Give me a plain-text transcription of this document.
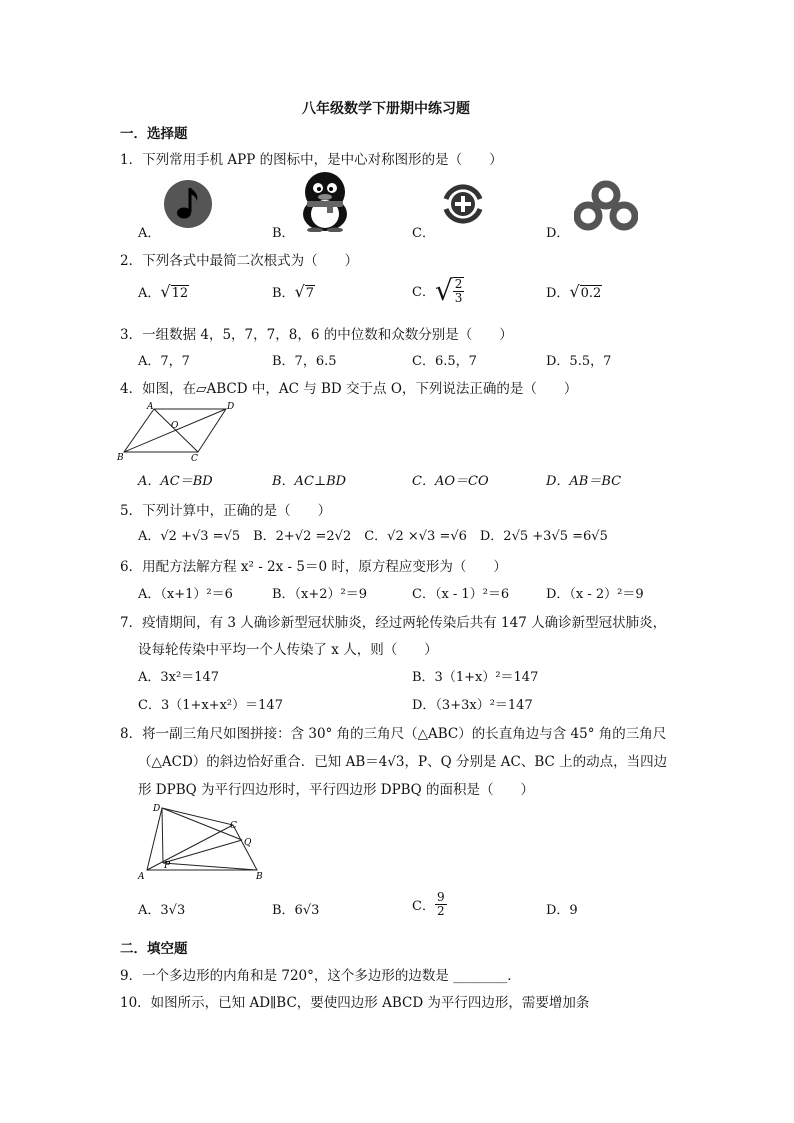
八年级数学下册期中练习题
一．选择题
1．下列常用手机 APP 的图标中，是中心对称图形的是（　　）
A．	B．	C．	D．
2．下列各式中最简二次根式为（　　）
A．√12	B．√7	C．√ $\frac{2}{3}$	D．√0.2
3．一组数据 4，5，7，7，8，6 的中位数和众数分别是（　　）
A．7，7	B．7，6.5	C．6.5，7	D．5.5，7
4．如图，在▱ABCD 中，AC 与 BD 交于点 O，下列说法正确的是（　　）
A	D
B	C
O
A．AC＝BD	B．AC⊥BD	C．AO＝CO	D．AB＝BC
5．下列计算中，正确的是（　　）
A．√2 +√3 =√5　B．2+√2 =2√2　C．√2 ×√3 =√6　D．2√5 +3√5 =6√5
6．用配方法解方程 x² - 2x - 5＝0 时，原方程应变形为（　　）
A．（x+1）²＝6	B．（x+2）²＝9	C．（x - 1）²＝6	D．（x - 2）²＝9
7．疫情期间，有 3 人确诊新型冠状肺炎，经过两轮传染后共有 147 人确诊新型冠状肺炎，
设每轮传染中平均一个人传染了 x 人，则（　　）
A．3x²＝147	B．3（1+x）²＝147
C．3（1+x+x²）＝147	D．（3+3x）²＝147
8．将一副三角尺如图拼接：含 30° 角的三角尺（△ABC）的长直角边与含 45° 角的三角尺
（△ACD）的斜边恰好重合．已知 AB＝4√3，P、Q 分别是 AC、BC 上的动点，当四边
形 DPBQ 为平行四边形时，平行四边形 DPBQ 的面积是（　　）
D
C
Q
P
A	B
A．3√3	B．6√3	C． $\frac{9}{2}$	D．9
二．填空题
9．一个多边形的内角和是 720°，这个多边形的边数是 ________．
10．如图所示，已知 AD∥BC，要使四边形 ABCD 为平行四边形，需要增加条
